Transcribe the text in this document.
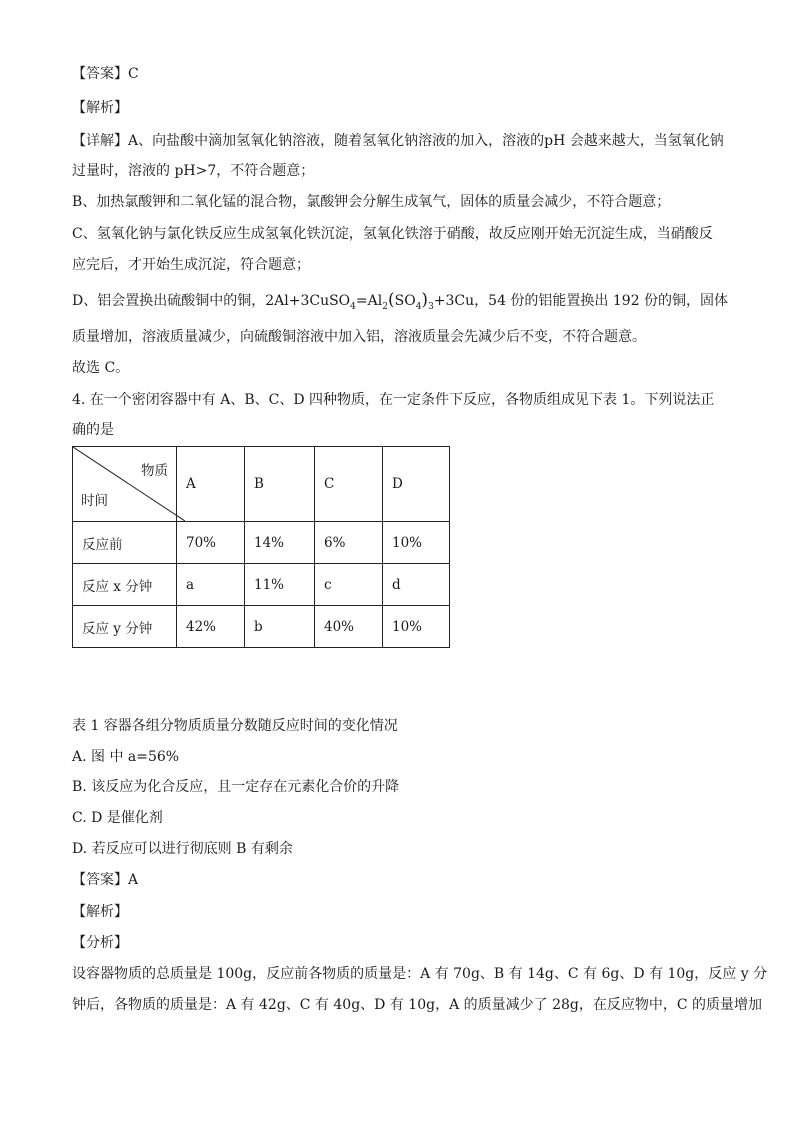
【答案】C
【解析】
【详解】A、向盐酸中滴加氢氧化钠溶液，随着氢氧化钠溶液的加入，溶液的pH 会越来越大，当氢氧化钠
过量时，溶液的 pH>7，不符合题意；
B、加热氯酸钾和二氧化锰的混合物，氯酸钾会分解生成氧气，固体的质量会减少，不符合题意；
C、氢氧化钠与氯化铁反应生成氢氧化铁沉淀，氢氧化铁溶于硝酸，故反应刚开始无沉淀生成，当硝酸反
应完后，才开始生成沉淀，符合题意；
D、铝会置换出硫酸铜中的铜，$2Al+3CuSO_4=Al_2(SO_4)_3+3Cu$，54 份的铝能置换出 192 份的铜，固体
质量增加，溶液质量减少，向硫酸铜溶液中加入铝，溶液质量会先减少后不变，不符合题意。
故选 C。
4. 在一个密闭容器中有 A、B、C、D 四种物质，在一定条件下反应，各物质组成见下表 1。下列说法正
确的是
物质
时间	A	B	C	D
反应前	70%	14%	6%	10%
反应 x 分钟	a	11%	c	d
反应 y 分钟	42%	b	40%	10%
表 1 容器各组分物质质量分数随反应时间的变化情况
A. 图 中 a=56%
B. 该反应为化合反应，且一定存在元素化合价的升降
C. D 是催化剂
D. 若反应可以进行彻底则 B 有剩余
【答案】A
【解析】
【分析】
设容器物质的总质量是 100g，反应前各物质的质量是：A 有 70g、B 有 14g、C 有 6g、D 有 10g，反应 y 分
钟后，各物质的质量是：A 有 42g、C 有 40g、D 有 10g，A 的质量减少了 28g，在反应物中，C 的质量增加
